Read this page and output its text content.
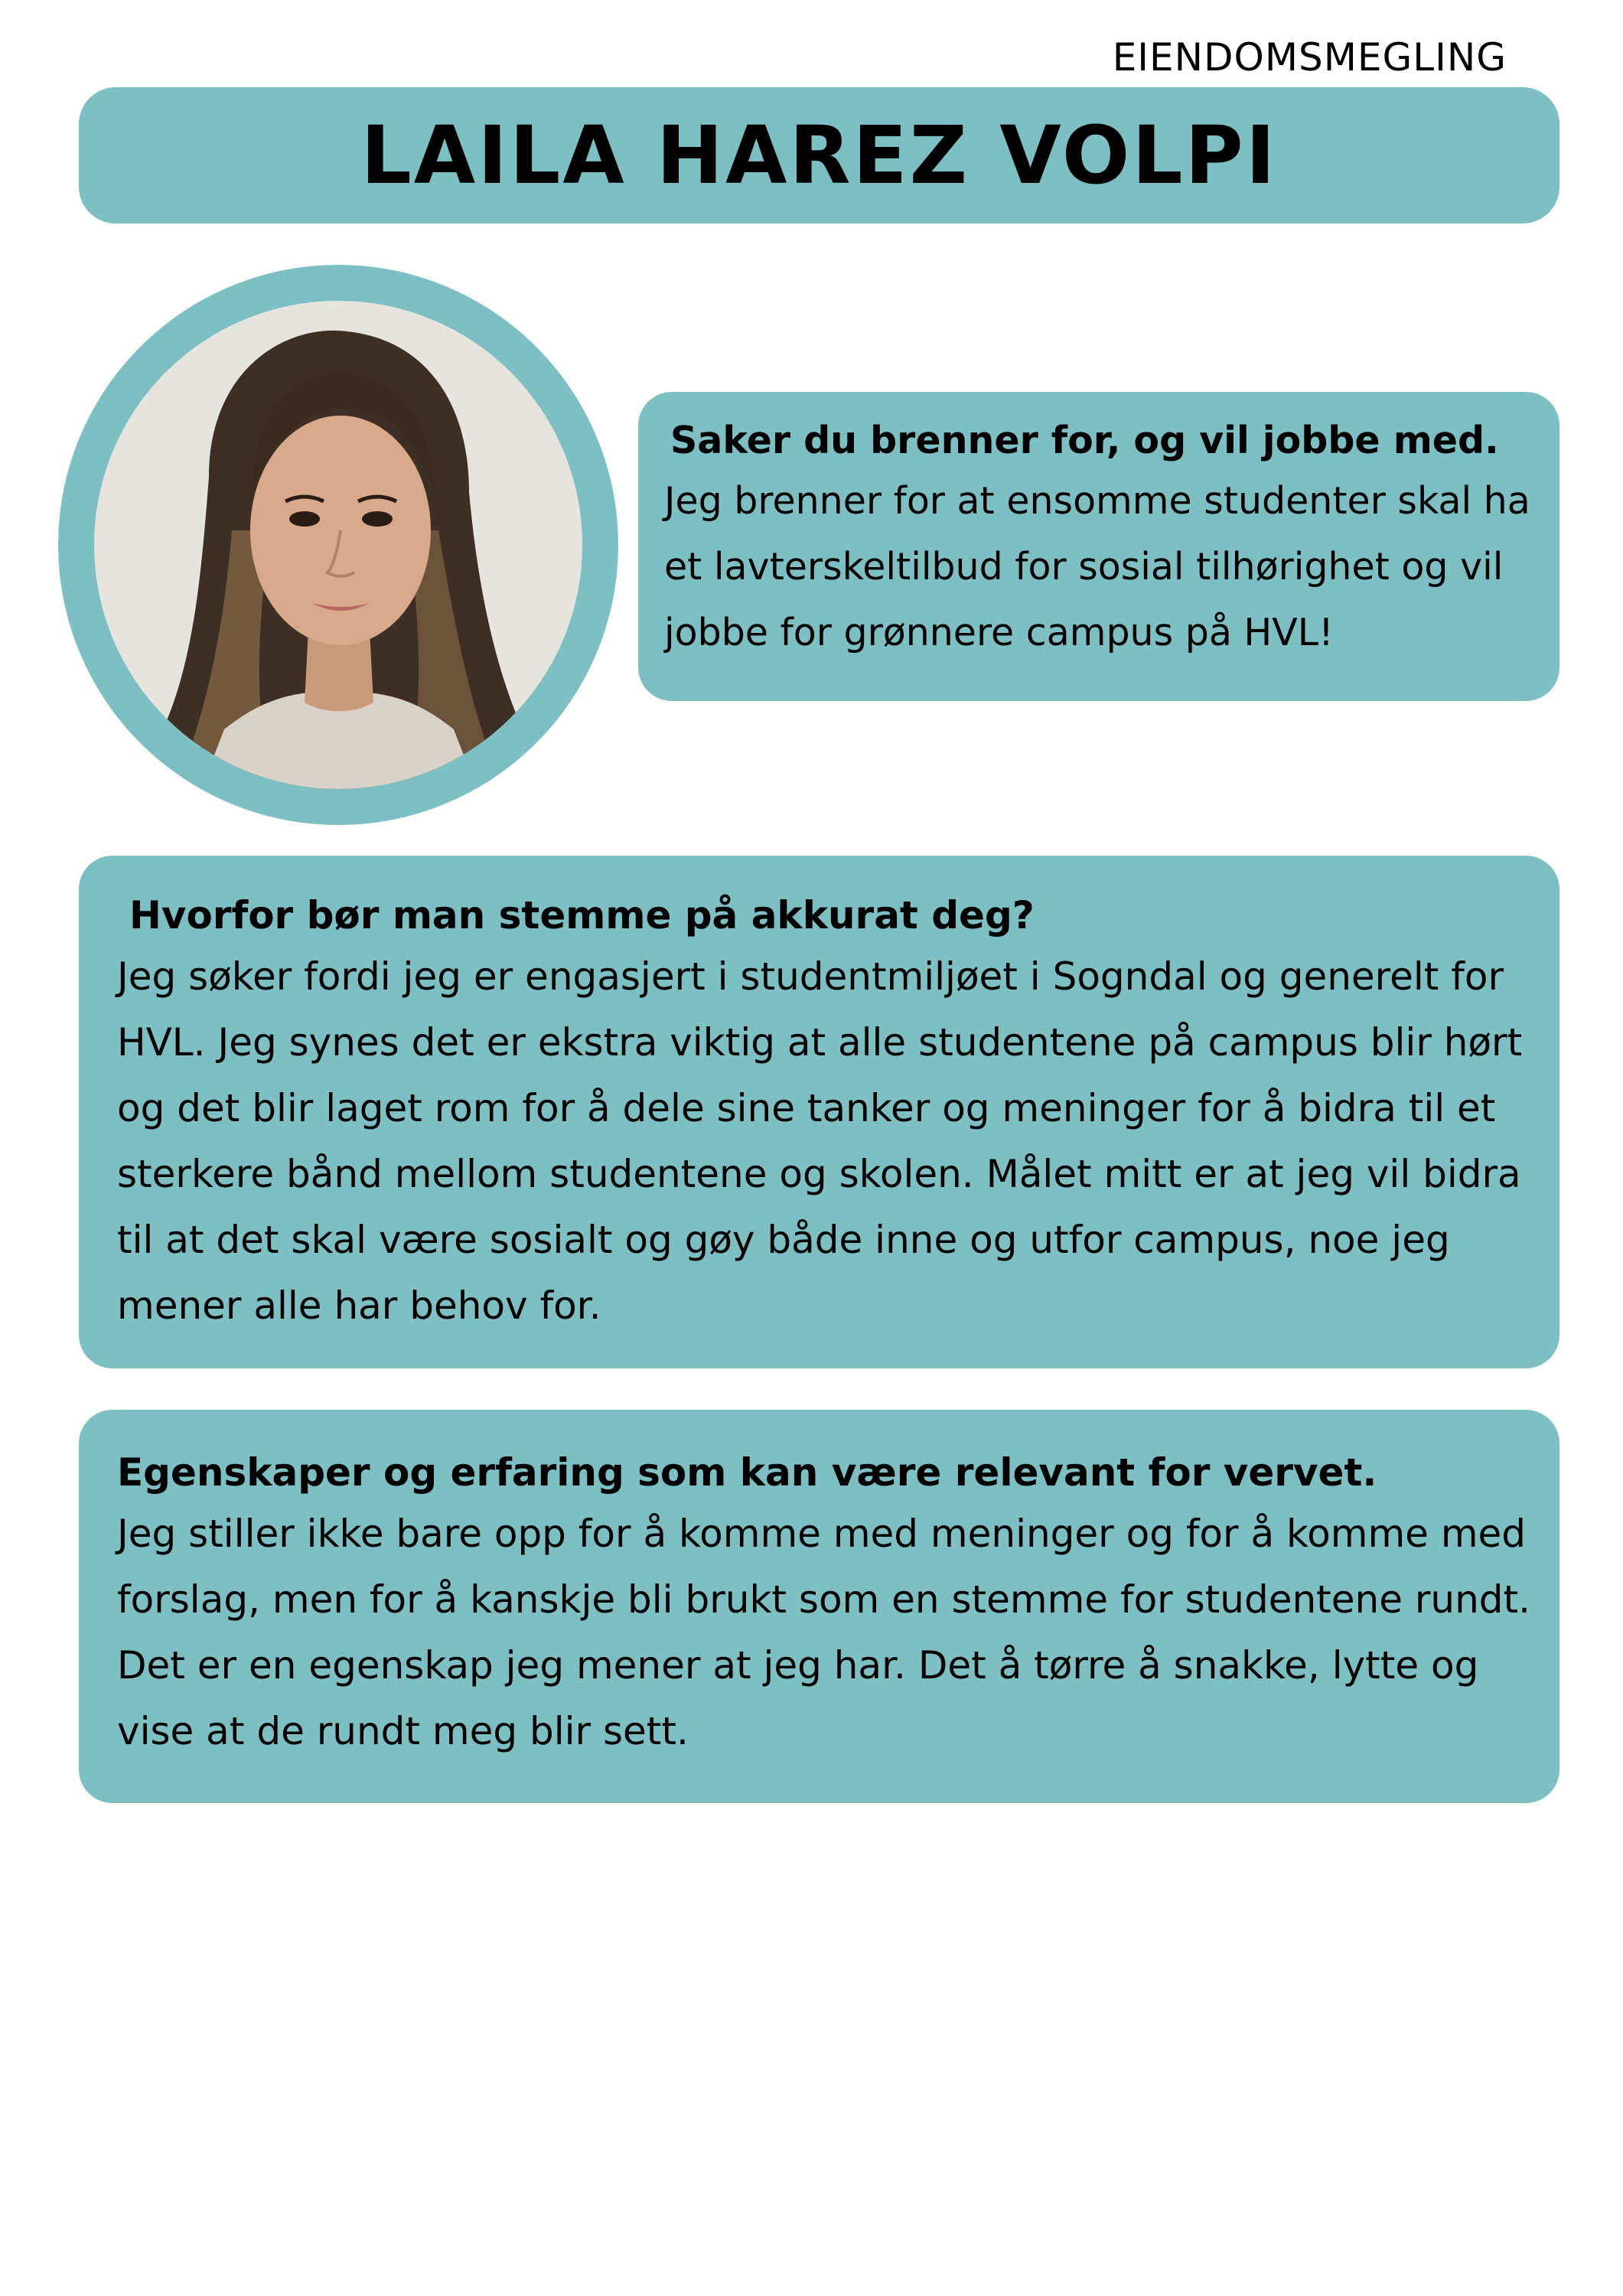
EIENDOMSMEGLING
LAILA HAREZ VOLPI
Saker du brenner for, og vil jobbe med.

Jeg brenner for at ensomme studenter skal ha et lavterskeltilbud for sosial tilhørighet og vil jobbe for grønnere campus på HVL!

Hvorfor bør man stemme på akkurat deg?

Jeg søker fordi jeg er engasjert i studentmiljøet i Sogndal og generelt for HVL. Jeg synes det er ekstra viktig at alle studentene på campus blir hørt og det blir laget rom for å dele sine tanker og meninger for å bidra til et sterkere bånd mellom studentene og skolen. Målet mitt er at jeg vil bidra til at det skal være sosialt og gøy både inne og utfor campus, noe jeg mener alle har behov for.

Egenskaper og erfaring som kan være relevant for vervet.

Jeg stiller ikke bare opp for å komme med meninger og for å komme med forslag, men for å kanskje bli brukt som en stemme for studentene rundt. Det er en egenskap jeg mener at jeg har. Det å tørre å snakke, lytte og vise at de rundt meg blir sett.
